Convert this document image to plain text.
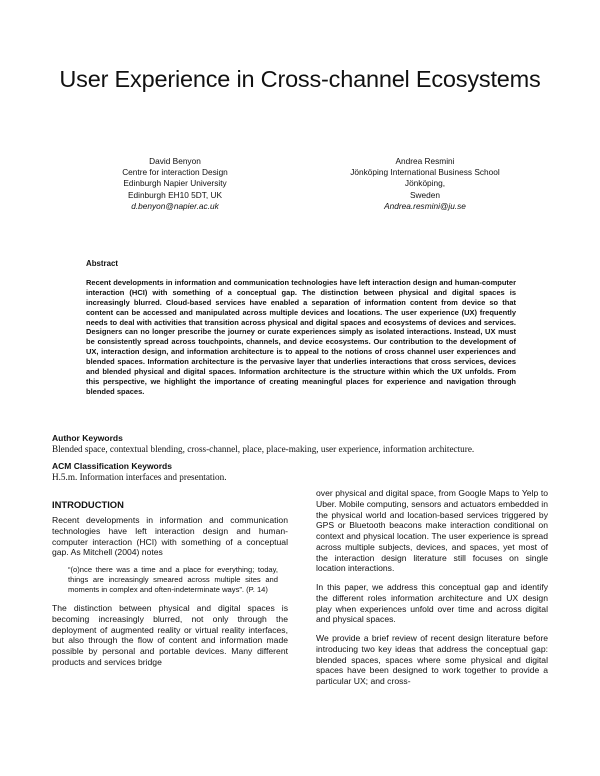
User Experience in Cross-channel Ecosystems
David Benyon
Centre for interaction Design
Edinburgh Napier University
Edinburgh EH10 5DT, UK
d.benyon@napier.ac.uk
Andrea Resmini
Jönköping International Business School
Jönköping,
Sweden
Andrea.resmini@ju.se
Abstract

Recent developments in information and communication technologies have left interaction design and human-computer interaction (HCI) with something of a conceptual gap. The distinction between physical and digital spaces is increasingly blurred. Cloud-based services have enabled a separation of information content from device so that content can be accessed and manipulated across multiple devices and locations. The user experience (UX) frequently needs to deal with activities that transition across physical and digital spaces and ecosystems of devices and services. Designers can no longer prescribe the journey or curate experiences simply as isolated interactions. Instead, UX must be consistently spread across touchpoints, channels, and device ecosystems. Our contribution to the development of UX, interaction design, and information architecture is to appeal to the notions of cross channel user experiences and blended spaces. Information architecture is the pervasive layer that underlies interactions that cross services, devices and blended physical and digital spaces. Information architecture is the structure within which the UX unfolds. From this perspective, we highlight the importance of creating meaningful places for experience and navigation through blended spaces.

Author Keywords

Blended space, contextual blending, cross-channel, place, place-making, user experience, information architecture.

ACM Classification Keywords

H.5.m. Information interfaces and presentation.

INTRODUCTION

Recent developments in information and communication technologies have left interaction design and human-computer interaction (HCI) with something of a conceptual gap. As Mitchell (2004) notes

“(o)nce there was a time and a place for everything; today, things are increasingly smeared across multiple sites and moments in complex and often-indeterminate ways”. (P. 14)

The distinction between physical and digital spaces is becoming increasingly blurred, not only through the deployment of augmented reality or virtual reality interfaces, but also through the flow of content and information made possible by personal and portable devices. Many different products and services bridge

over physical and digital space, from Google Maps to Yelp to Uber. Mobile computing, sensors and actuators embedded in the physical world and location-based services triggered by GPS or Bluetooth beacons make interaction conditional on context and physical location. The user experience is spread across multiple subjects, devices, and spaces, yet most of the interaction design literature still focuses on single location interactions.

In this paper, we address this conceptual gap and identify the different roles information architecture and UX design play when experiences unfold over time and across digital and physical spaces.

We provide a brief review of recent design literature before introducing two key ideas that address the conceptual gap: blended spaces, spaces where some physical and digital spaces have been designed to work together to provide a particular UX; and cross-
